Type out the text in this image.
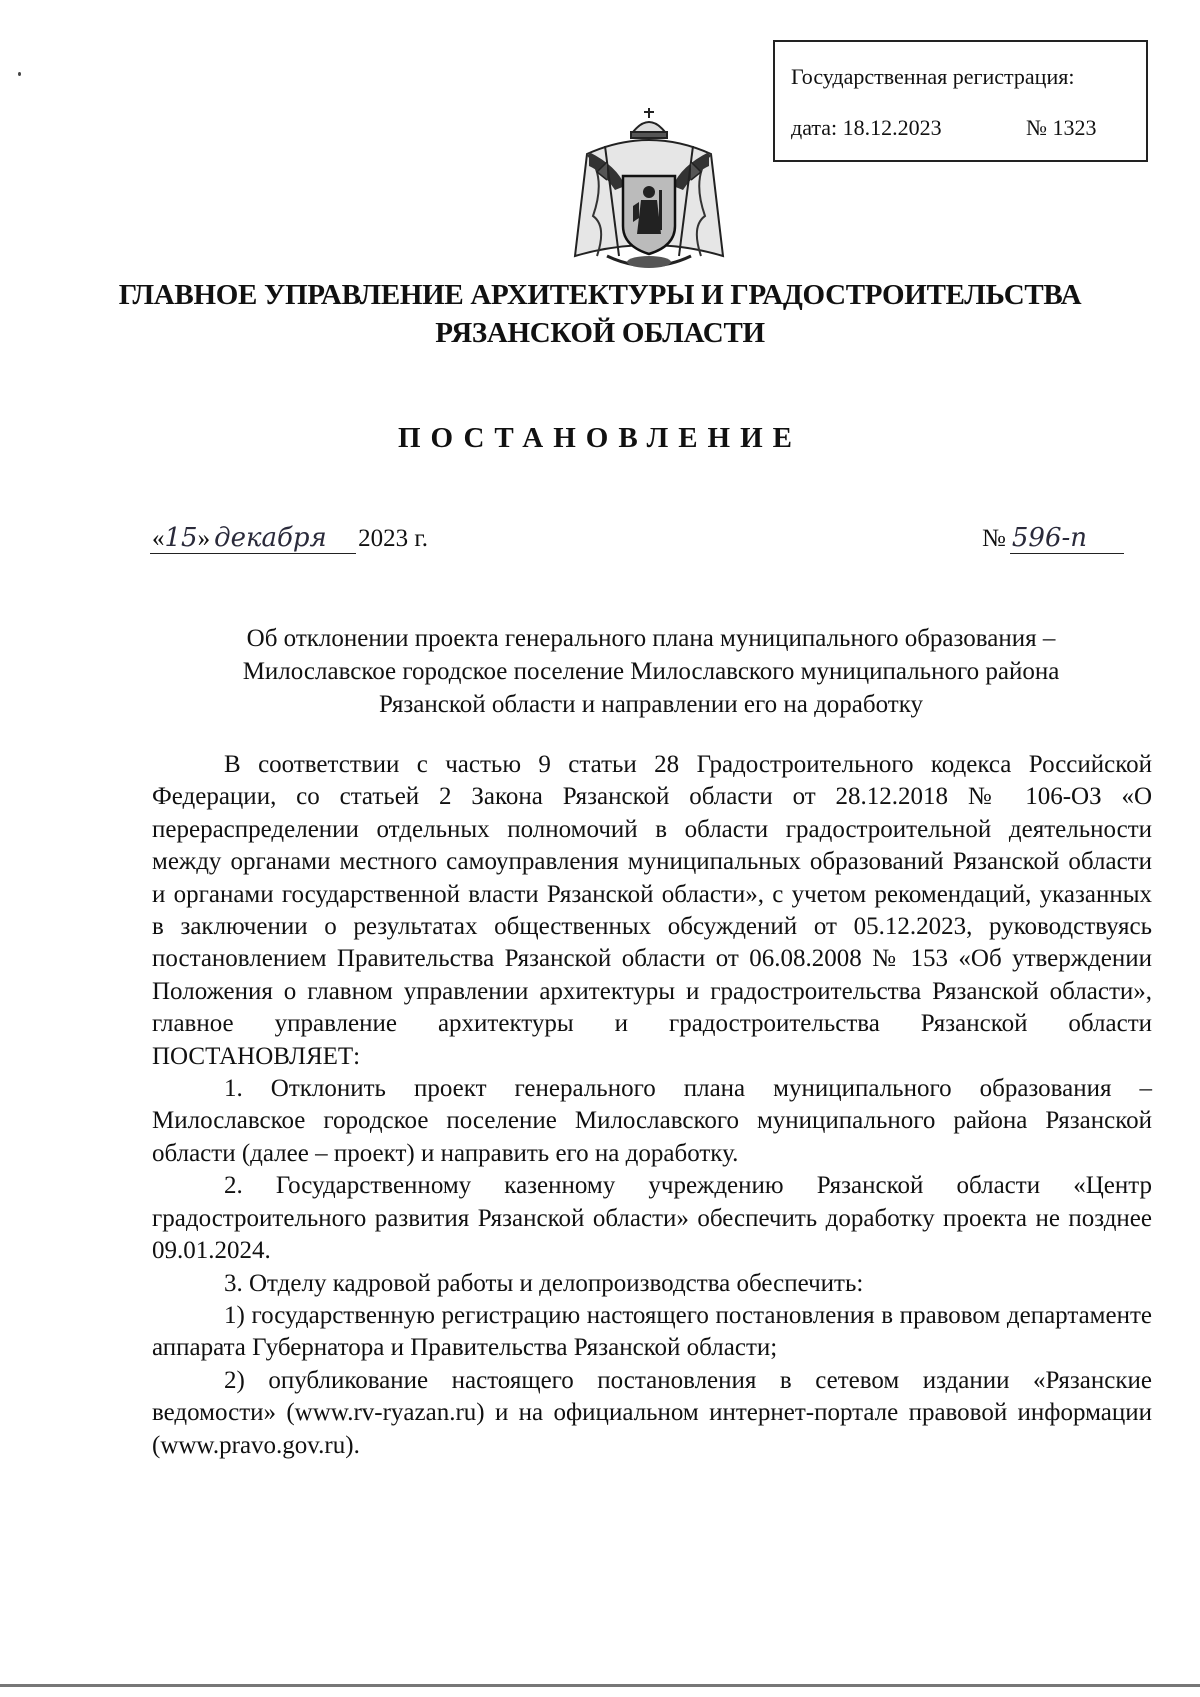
Государственная регистрация:
дата: 18.12.2023	№ 1323
ГЛАВНОЕ УПРАВЛЕНИЕ АРХИТЕКТУРЫ И ГРАДОСТРОИТЕЛЬСТВА
РЯЗАНСКОЙ ОБЛАСТИ
ПОСТАНОВЛЕНИЕ
«15» декабря 2023 г.	№ 596-п
Об отклонении проекта генерального плана муниципального образования –
Милославское городское поселение Милославского муниципального района
Рязанской области и направлении его на доработку

В соответствии с частью 9 статьи 28 Градостроительного кодекса Российской Федерации, со статьей 2 Закона Рязанской области от 28.12.2018 № 106-ОЗ «О перераспределении отдельных полномочий в области градостроительной деятельности между органами местного самоуправления муниципальных образований Рязанской области и органами государственной власти Рязанской области», с учетом рекомендаций, указанных в заключении о результатах общественных обсуждений от 05.12.2023, руководствуясь постановлением Правительства Рязанской области от 06.08.2008 № 153 «Об утверждении Положения о главном управлении архитектуры и градостроительства Рязанской области», главное управление архитектуры и градостроительства Рязанской области ПОСТАНОВЛЯЕТ:

1. Отклонить проект генерального плана муниципального образования – Милославское городское поселение Милославского муниципального района Рязанской области (далее – проект) и направить его на доработку.

2. Государственному казенному учреждению Рязанской области «Центр градостроительного развития Рязанской области» обеспечить доработку проекта не позднее 09.01.2024.

3. Отделу кадровой работы и делопроизводства обеспечить:

1) государственную регистрацию настоящего постановления в правовом департаменте аппарата Губернатора и Правительства Рязанской области;

2) опубликование настоящего постановления в сетевом издании «Рязанские ведомости» (www.rv-ryazan.ru) и на официальном интернет-портале правовой информации (www.pravo.gov.ru).
